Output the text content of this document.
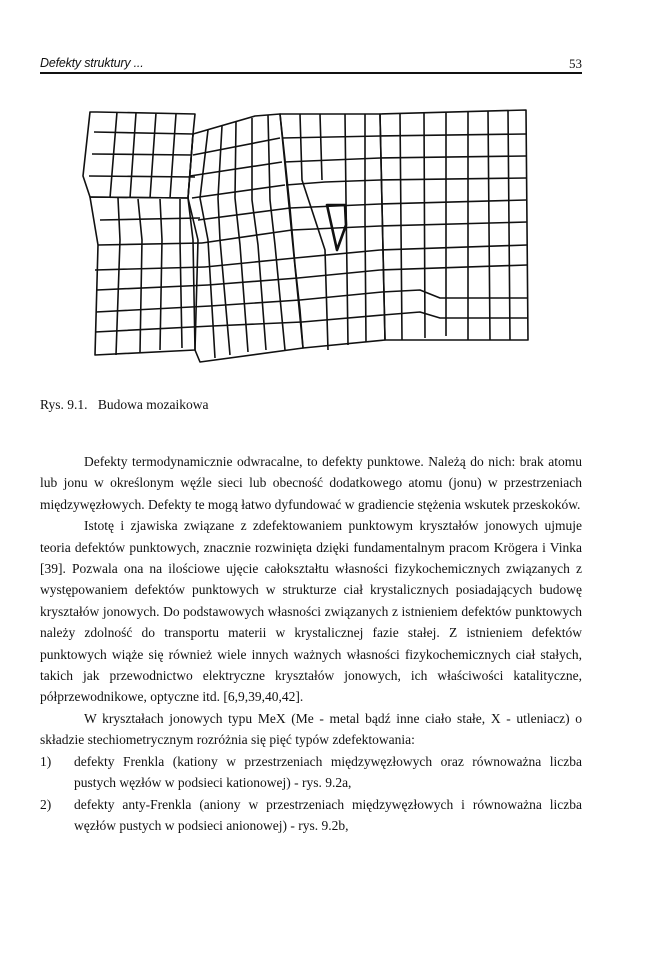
Defekty struktury ...	53
Rys. 9.1. Budowa mozaikowa

Defekty termodynamicznie odwracalne, to defekty punktowe. Należą do nich: brak atomu lub jonu w określonym węźle sieci lub obecność dodatkowego atomu (jonu) w przestrzeniach międzywęzłowych. Defekty te mogą łatwo dyfundować w gradiencie stężenia wskutek przeskoków.

Istotę i zjawiska związane z zdefektowaniem punktowym kryształów jonowych ujmuje teoria defektów punktowych, znacznie rozwinięta dzięki fundamentalnym pracom Krögera i Vinka [39]. Pozwala ona na ilościowe ujęcie całokształtu własności fizykochemicznych związanych z występowaniem defektów punktowych w strukturze ciał krystalicznych posiadających budowę kryształów jonowych. Do podstawowych własności związanych z istnieniem defektów punktowych należy zdolność do transportu materii w krystalicznej fazie stałej. Z istnieniem defektów punktowych wiąże się również wiele innych ważnych własności fizykochemicznych ciał stałych, takich jak przewodnictwo elektryczne kryształów jonowych, ich właściwości katalityczne, półprzewodnikowe, optyczne itd. [6,9,39,40,42].

W kryształach jonowych typu MeX (Me - metal bądź inne ciało stałe, X - utleniacz) o składzie stechiometrycznym rozróżnia się pięć typów zdefektowania:

1)	defekty Frenkla (kationy w przestrzeniach międzywęzłowych oraz równoważna liczba pustych węzłów w podsieci kationowej) - rys. 9.2a,
2)	defekty anty-Frenkla (aniony w przestrzeniach międzywęzłowych i równoważna liczba węzłów pustych w podsieci anionowej) - rys. 9.2b,
